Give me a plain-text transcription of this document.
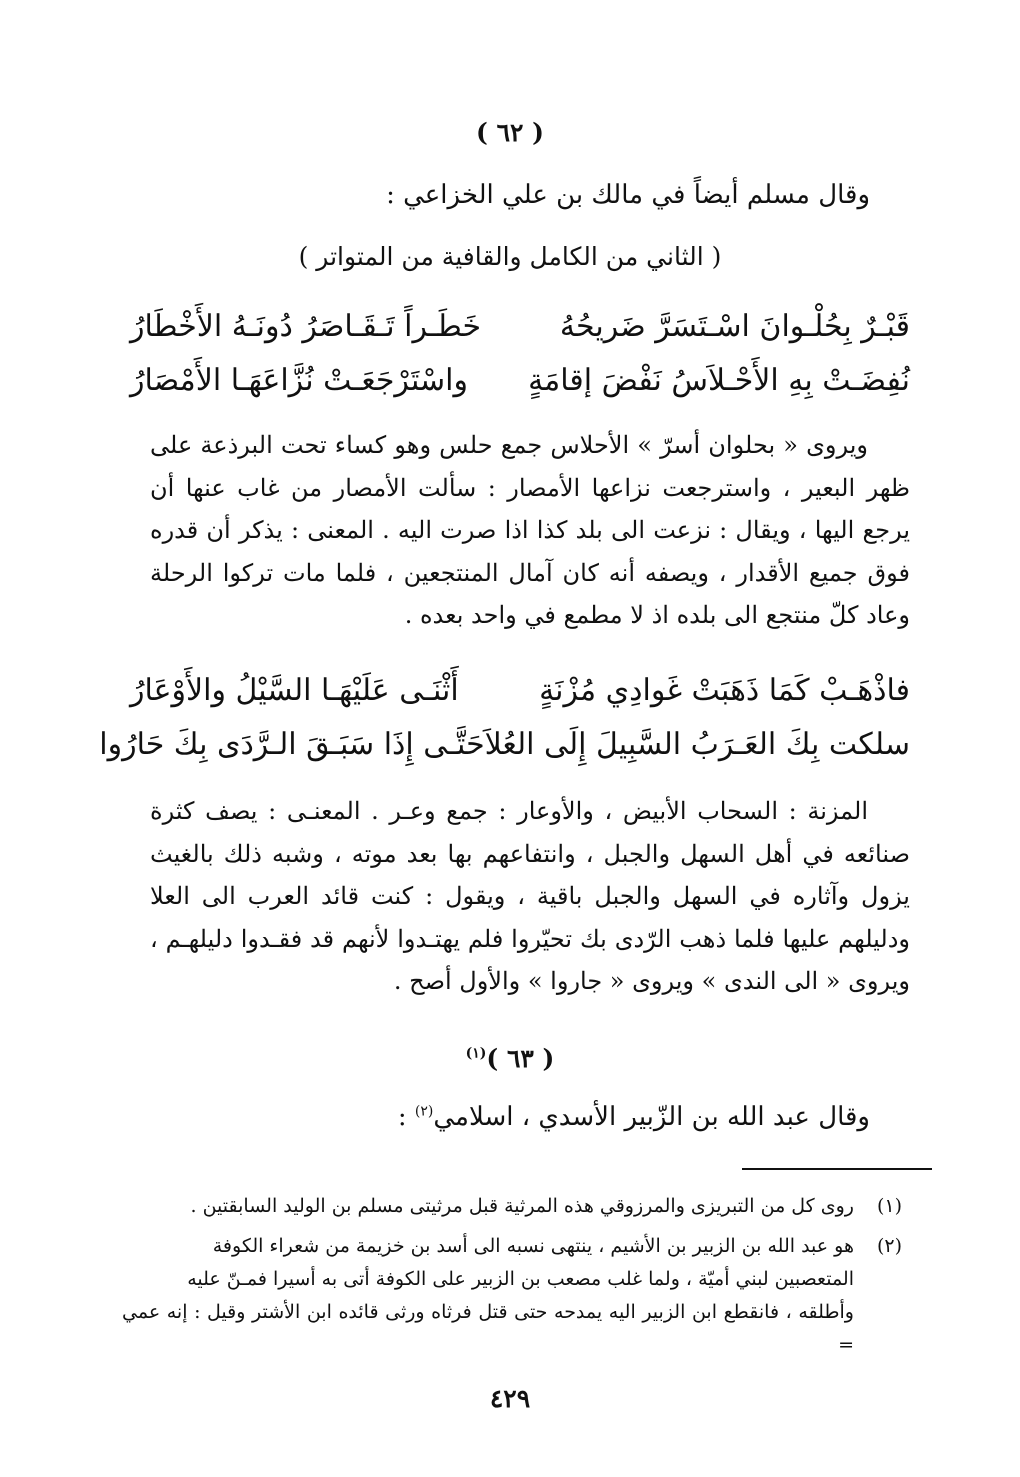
( ٦٢ )
وقال مسلم أيضاً في مالك بن علي الخزاعي :
( الثاني من الكامل والقافية من المتواتر )
قَبْـرٌ بِحُلْـوانَ اسْـتَسَرَّ ضَريحُهُ
خَطَـراً تَـقَـاصَرُ دُونَـهُ الأَخْطَارُ
نُفِضَـتْ بِهِ الأَحْـلاَسُ نَفْضَ إقامَةٍ
واسْتَرْجَعَـتْ نُزَّاعَهَـا الأَمْصَارُ

ويروى « بحلوان أسرّ » الأحلاس جمع حلس وهو كساء تحت البرذعة على ظهر البعير ، واسترجعت نزاعها الأمصار : سألت الأمصار من غاب عنها أن يرجع اليها ، ويقال : نزعت الى بلد كذا اذا صرت اليه . المعنى : يذكر أن قدره فوق جميع الأقدار ، ويصفه أنه كان آمال المنتجعين ، فلما مات تركوا الرحلة وعاد كلّ منتجع الى بلده اذ لا مطمع في واحد بعده .

فاذْهَـبْ كَمَا ذَهَبَتْ غَوادِي مُزْنَةٍ
أَثْنَـى عَلَيْهَـا السَّيْلُ والأَوْعَارُ
سلكت بِكَ العَـرَبُ السَّبِيلَ إِلَى العُلاَ
حَتَّـى إِذَا سَبَـقَ الـرَّدَى بِكَ حَارُوا

المزنة : السحاب الأبيض ، والأوعار : جمع وعـر . المعنـى : يصف كثرة صنائعه في أهل السهل والجبل ، وانتفاعهم بها بعد موته ، وشبه ذلك بالغيث يزول وآثاره في السهل والجبل باقية ، ويقول : كنت قائد العرب الى العلا ودليلهم عليها فلما ذهب الرّدى بك تحيّروا فلم يهتـدوا لأنهم قد فقـدوا دليلهـم ، ويروى « الى الندى » ويروى « جاروا » والأول أصح .

( ٦٣ )$^{(١)}$
وقال عبد الله بن الزّبير الأسدي ، اسلامي$^{(٢)}$ :
(١)روى كل من التبريزى والمرزوقي هذه المرثية قبل مرثيتى مسلم بن الوليد السابقتين .
(٢)هو عبد الله بن الزبير بن الأشيم ، ينتهى نسبه الى أسد بن خزيمة من شعراء الكوفة
المتعصبين لبني أميّة ، ولما غلب مصعب بن الزبير على الكوفة أتى به أسيرا فمـنّ عليه
وأطلقه ، فانقطع ابن الزبير اليه يمدحه حتى قتل فرثاه ورثى قائده ابن الأشتر وقيل : إنه عمي =
٤٢٩
